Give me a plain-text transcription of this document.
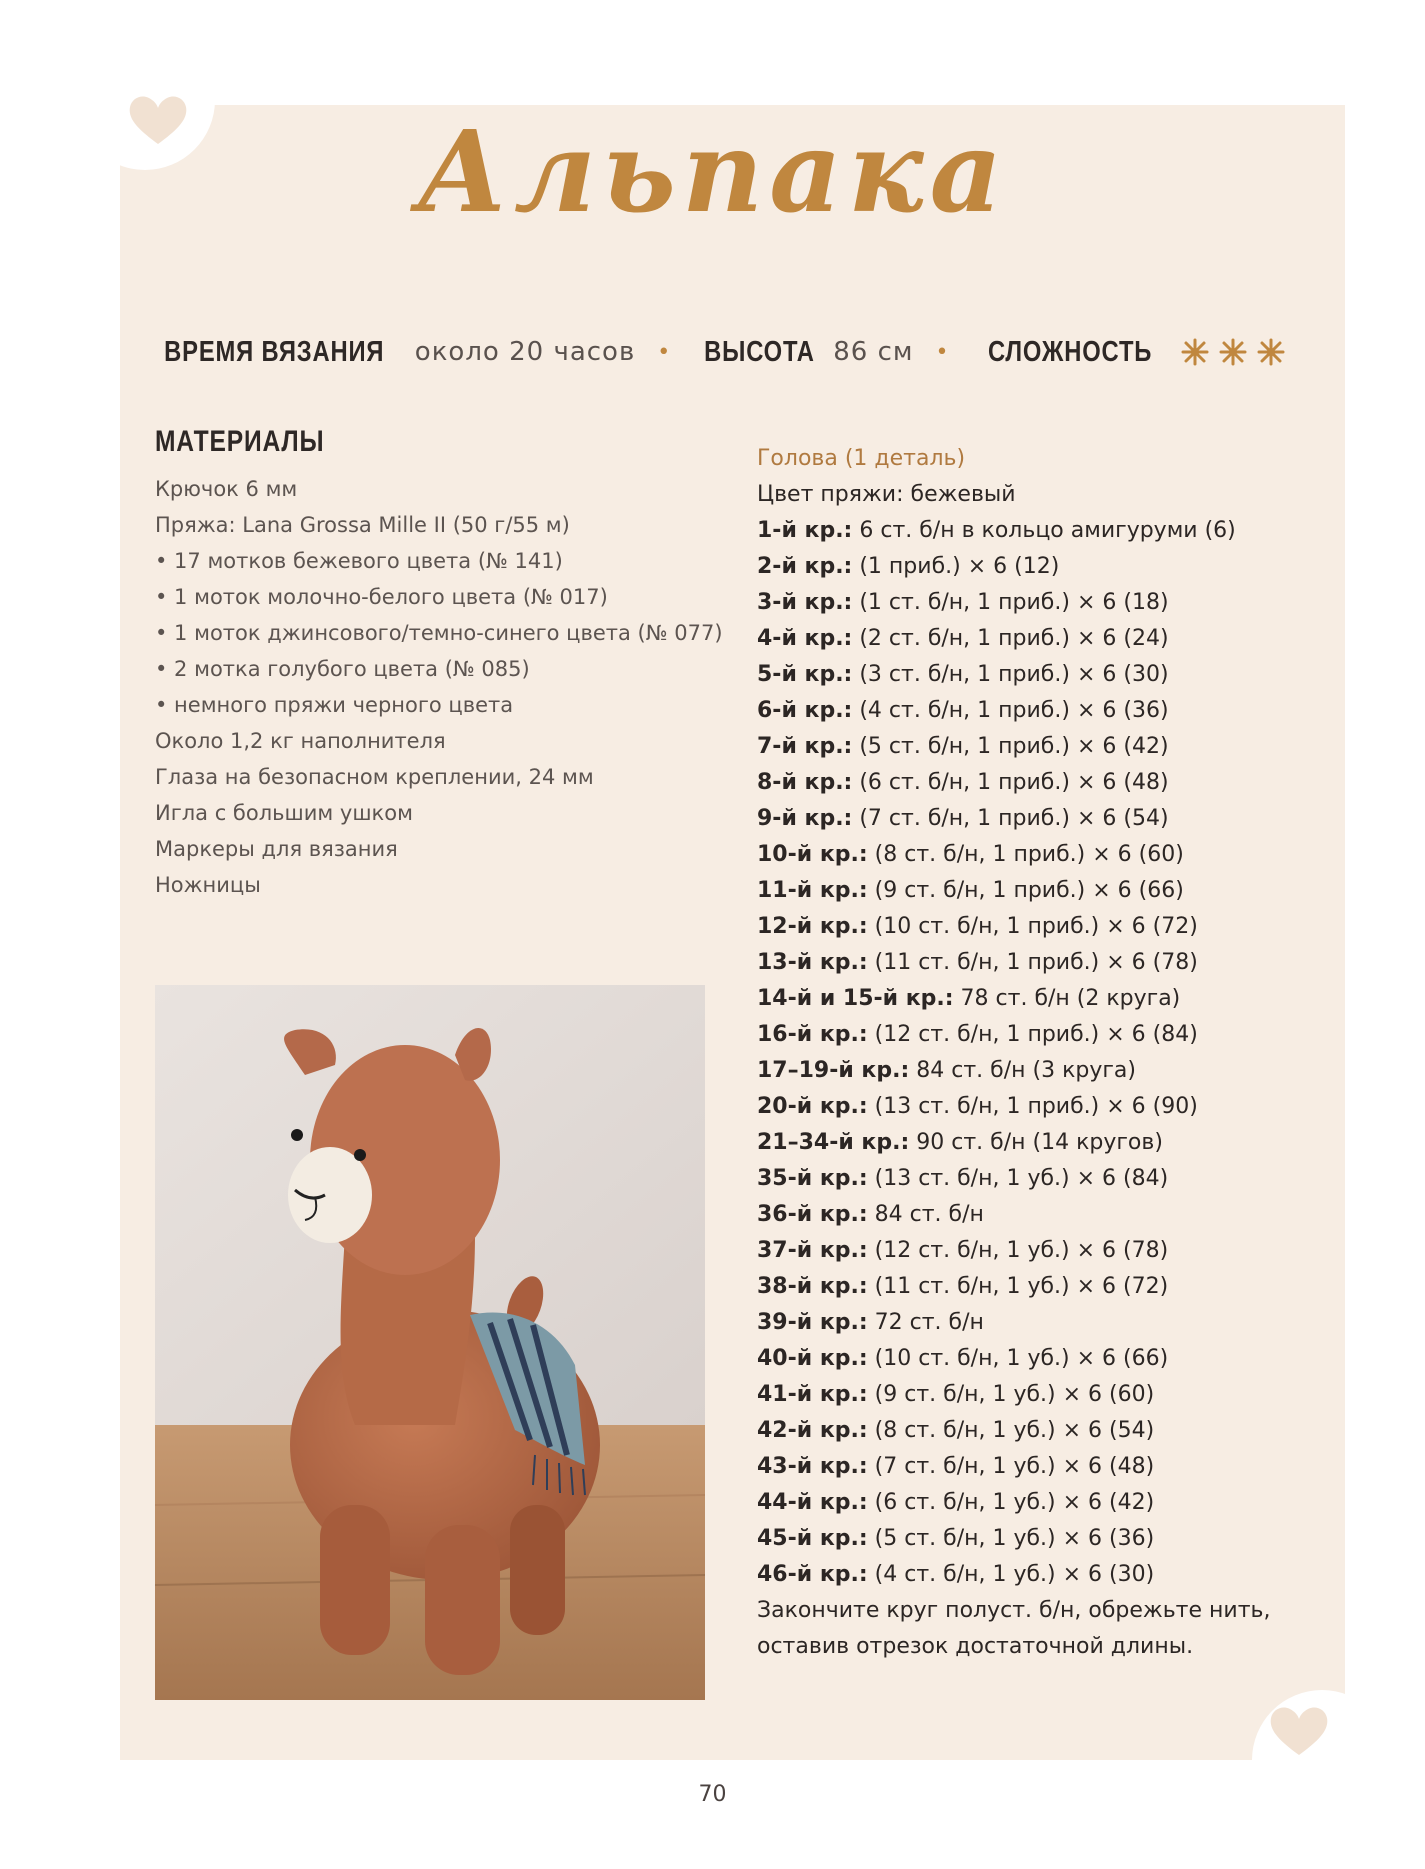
Альпака
ВРЕМЯ ВЯЗАНИЯ около 20 часов • ВЫСОТА 86 см • СЛОЖНОСТЬ
МАТЕРИАЛЫ
Крючок 6 мм
Пряжа: Lana Grossa Mille II (50 г/55 м)
• 17 мотков бежевого цвета (№ 141)
• 1 моток молочно-белого цвета (№ 017)
• 1 моток джинсового/темно-синего цвета (№ 077)
• 2 мотка голубого цвета (№ 085)
• немного пряжи черного цвета
Около 1,2 кг наполнителя
Глаза на безопасном креплении, 24 мм
Игла с большим ушком
Маркеры для вязания
Ножницы
Голова (1 деталь)
Цвет пряжи: бежевый
1-й кр.: 6 ст. б/н в кольцо амигуруми (6)
2-й кр.: (1 приб.) × 6 (12)
3-й кр.: (1 ст. б/н, 1 приб.) × 6 (18)
4-й кр.: (2 ст. б/н, 1 приб.) × 6 (24)
5-й кр.: (3 ст. б/н, 1 приб.) × 6 (30)
6-й кр.: (4 ст. б/н, 1 приб.) × 6 (36)
7-й кр.: (5 ст. б/н, 1 приб.) × 6 (42)
8-й кр.: (6 ст. б/н, 1 приб.) × 6 (48)
9-й кр.: (7 ст. б/н, 1 приб.) × 6 (54)
10-й кр.: (8 ст. б/н, 1 приб.) × 6 (60)
11-й кр.: (9 ст. б/н, 1 приб.) × 6 (66)
12-й кр.: (10 ст. б/н, 1 приб.) × 6 (72)
13-й кр.: (11 ст. б/н, 1 приб.) × 6 (78)
14-й и 15-й кр.: 78 ст. б/н (2 круга)
16-й кр.: (12 ст. б/н, 1 приб.) × 6 (84)
17–19-й кр.: 84 ст. б/н (3 круга)
20-й кр.: (13 ст. б/н, 1 приб.) × 6 (90)
21–34-й кр.: 90 ст. б/н (14 кругов)
35-й кр.: (13 ст. б/н, 1 уб.) × 6 (84)
36-й кр.: 84 ст. б/н
37-й кр.: (12 ст. б/н, 1 уб.) × 6 (78)
38-й кр.: (11 ст. б/н, 1 уб.) × 6 (72)
39-й кр.: 72 ст. б/н
40-й кр.: (10 ст. б/н, 1 уб.) × 6 (66)
41-й кр.: (9 ст. б/н, 1 уб.) × 6 (60)
42-й кр.: (8 ст. б/н, 1 уб.) × 6 (54)
43-й кр.: (7 ст. б/н, 1 уб.) × 6 (48)
44-й кр.: (6 ст. б/н, 1 уб.) × 6 (42)
45-й кр.: (5 ст. б/н, 1 уб.) × 6 (36)
46-й кр.: (4 ст. б/н, 1 уб.) × 6 (30)
Закончите круг полуст. б/н, обрежьте нить, оставив отрезок достаточной длины.
70
